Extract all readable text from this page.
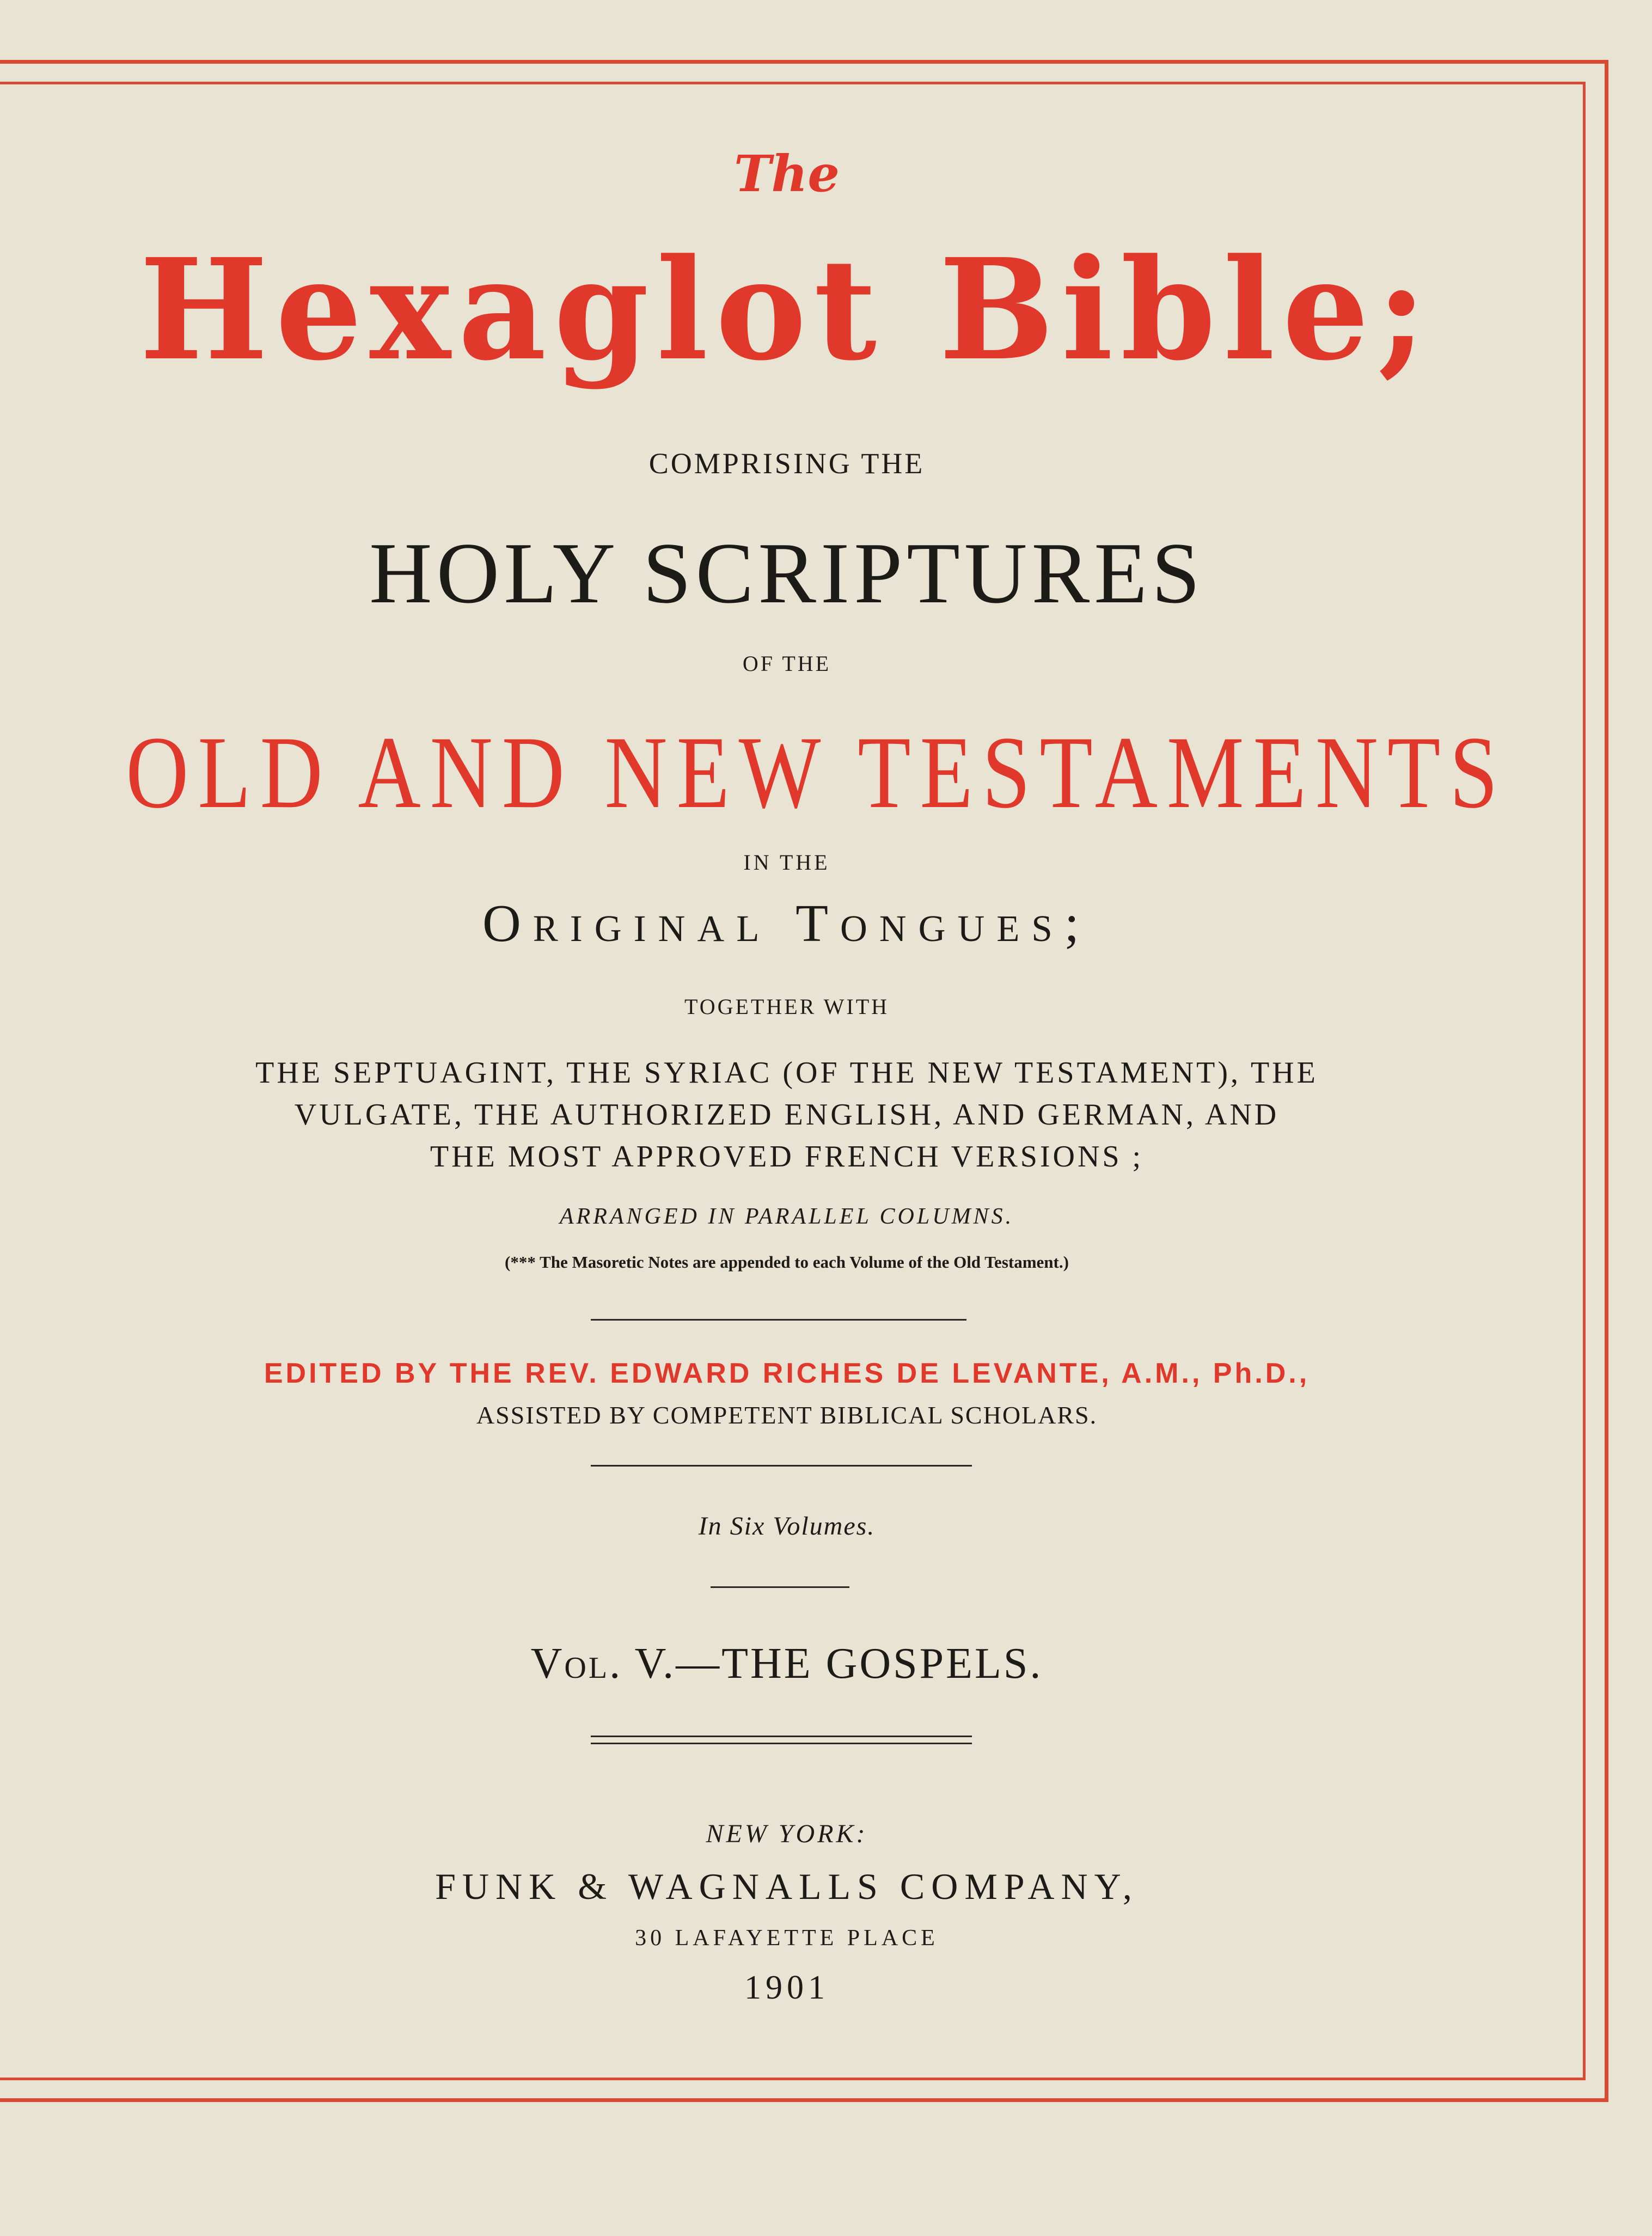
The
Hexaglot Bible;
COMPRISING THE
HOLY SCRIPTURES
OF THE
OLD AND NEW TESTAMENTS
IN THE
Original Tongues;
TOGETHER WITH
THE SEPTUAGINT, THE SYRIAC (OF THE NEW TESTAMENT), THE
VULGATE, THE AUTHORIZED ENGLISH, AND GERMAN, AND
THE MOST APPROVED FRENCH VERSIONS ;
ARRANGED IN PARALLEL COLUMNS.
(*** The Masoretic Notes are appended to each Volume of the Old Testament.)
EDITED BY THE REV. EDWARD RICHES DE LEVANTE, A.M., Ph.D.,
ASSISTED BY COMPETENT BIBLICAL SCHOLARS.
In Six Volumes.
Vol. V.—THE GOSPELS.
NEW YORK:
FUNK & WAGNALLS COMPANY,
30 LAFAYETTE PLACE
1901
